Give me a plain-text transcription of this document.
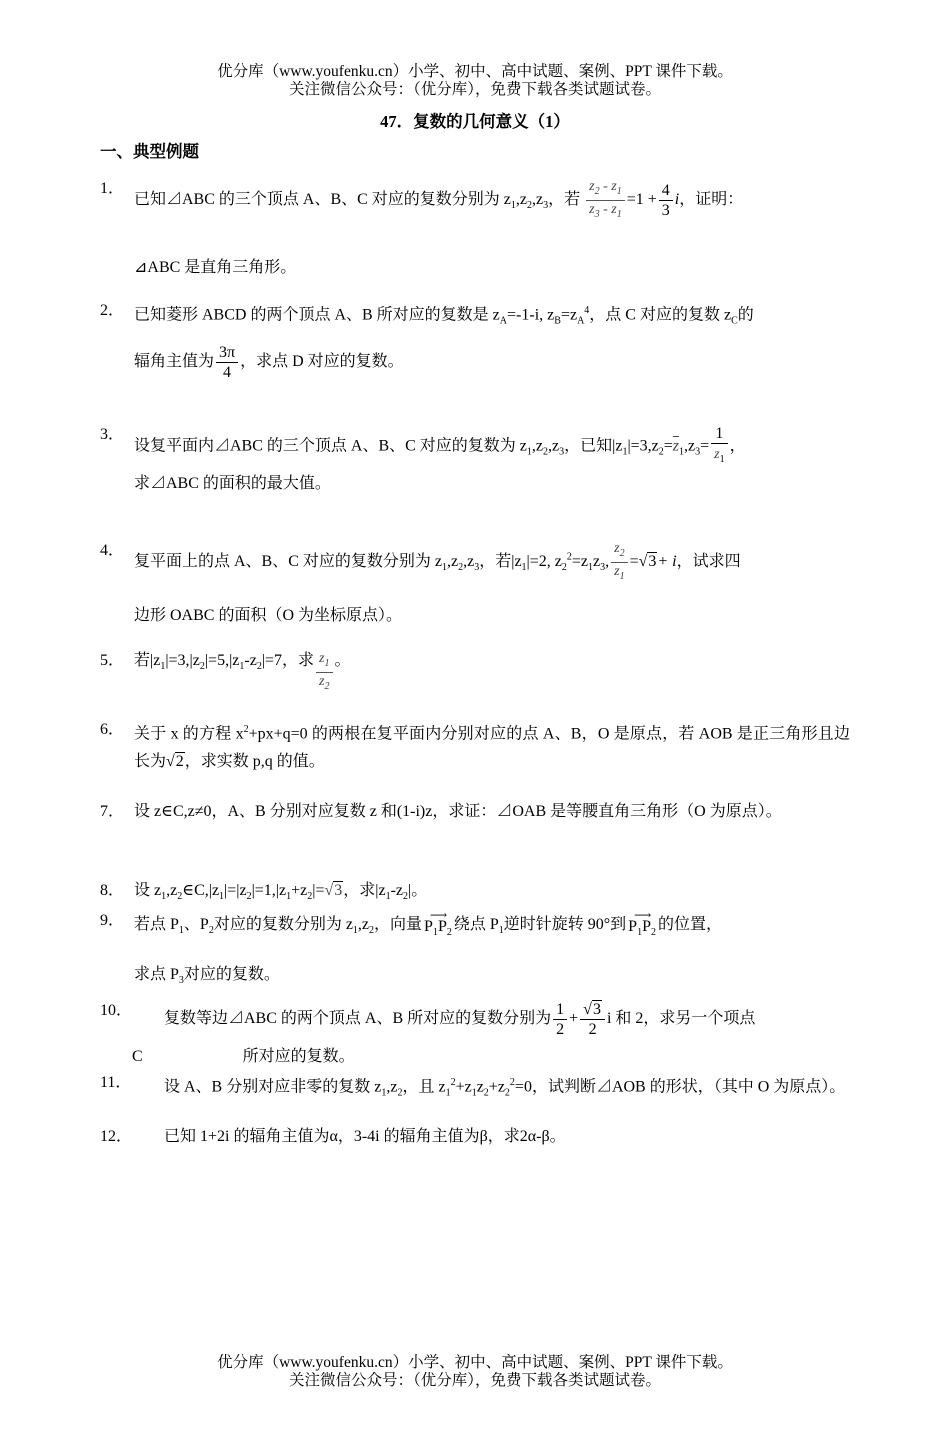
优分库（www.youfenku.cn）小学、初中、高中试题、案例、PPT 课件下载。
关注微信公众号：（优分库），免费下载各类试题试卷。
47．复数的几何意义（1）
一、典型例题
1．
已知⊿ABC 的三个顶点 A、B、C 对应的复数分别为 $z_1,z_2,z_3$，若 $\frac{z_2 - z_1}{z_3 - z_1} =1 + \frac{4}{3}$ i，证明：
⊿ABC 是直角三角形。
2． 已知菱形 ABCD 的两个顶点 A、B 所对应的复数是 $z_A=-1-i$, $z_B=z_A^4$，点 C 对应的复数 $z_C$的
辐角主值为 $\frac{3\pi}{4}$ ，求点 D 对应的复数。
3．
设复平面内⊿ABC 的三个顶点 A、B、C 对应的复数为 $z_1,z_2,z_3$，已知$|z_1|=3,z_2=\overline{z}_1,z_3= \frac{1}{z_1}$ ，
求⊿ABC 的面积的最大值。
4．
复平面上的点 A、B、C 对应的复数分别为 $z_1,z_2,z_3$，若$|z_1|=2$, $z_2^2=z_1z_3$, $\frac{z_2}{z_1} =√3+ i$，试求四
边形 OABC 的面积（O 为坐标原点）。
5． 若$|z_1|=3,|z_2|=5,|z_1-z_2|=7$，求 $\frac{z_1}{z_2}$ 。
6． 关于 x 的方程 $x^2+px+q=0$ 的两根在复平面内分别对应的点 A、B，O 是原点，若 AOB 是正三角形且边长为√2，求实数 p,q 的值。
7． 设 z∈C,z≠0，A、B 分别对应复数 z 和(1-i)z，求证：⊿OAB 是等腰直角三角形（O 为原点）。
8． 设 $z_1,z_2\in C,|z_1|=|z_2|=1,|z_1+z_2|=√3$，求$|z_1-z_2|$。
9． 若点 $P_1$、$P_2$对应的复数分别为 $z_1,z_2$，向量
⟶
$P_1P_2$ 绕点 $P_1$逆时针旋转 90°到
⟶
$P_1P_2$ 的位置，
求点 $P_3$对应的复数。
10． 复数等边⊿ABC 的两个顶点 A、B 所对应的复数分别为 $\frac{1}{2} + \frac{√3}{2}$ i 和 2，求另一个项点
C	所对应的复数。
11．	设 A、B 分别对应非零的复数 $z_1,z_2$，且 $z_1^2+z_1z_2+z_2^2=0$，试判断⊿AOB 的形状，（其中 O 为原点）。
12． 已知 1+2i 的辐角主值为α，3-4i 的辐角主值为β，求2α-β。
优分库（www.youfenku.cn）小学、初中、高中试题、案例、PPT 课件下载。
关注微信公众号：（优分库），免费下载各类试题试卷。
